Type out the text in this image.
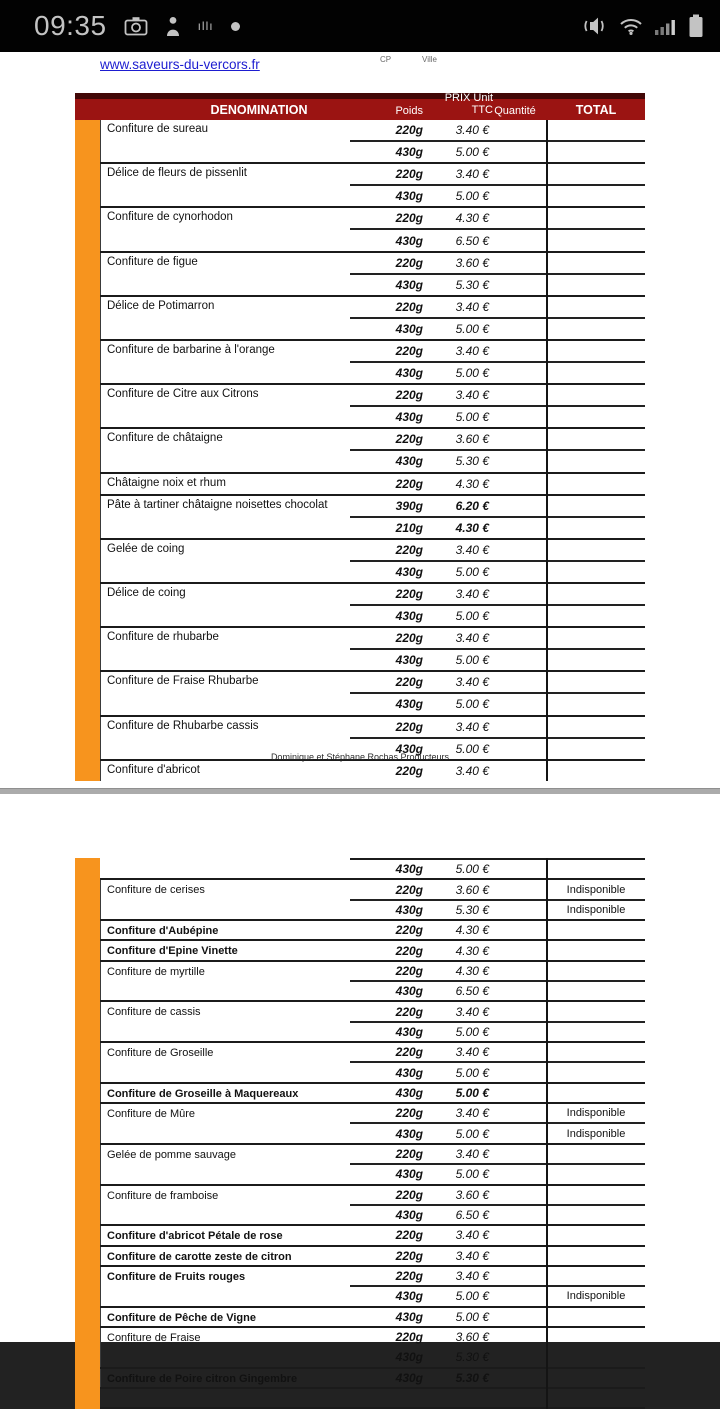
09:35	ıllı
www.saveurs-du-vercors.fr	CP	Ville
DENOMINATION	Poids
PRIX Unit
TTC Quantité	TOTAL
Confiture de sureau	220g	3.40 €
430g	5.00 €
Délice de fleurs de pissenlit	220g	3.40 €
430g	5.00 €
Confiture de cynorhodon	220g	4.30 €
430g	6.50 €
Confiture de figue	220g	3.60 €
430g	5.30 €
Délice de Potimarron	220g	3.40 €
430g	5.00 €
Confiture de barbarine à l'orange	220g	3.40 €
430g	5.00 €
Confiture de Citre aux Citrons	220g	3.40 €
430g	5.00 €
Confiture de châtaigne	220g	3.60 €
430g	5.30 €
Châtaigne noix et rhum	220g	4.30 €
Pâte à tartiner châtaigne noisettes chocolat	390g	6.20 €
210g	4.30 €
Gelée de coing	220g	3.40 €
430g	5.00 €
Délice de coing	220g	3.40 €
430g	5.00 €
Confiture de rhubarbe	220g	3.40 €
430g	5.00 €
Confiture de Fraise Rhubarbe	220g	3.40 €
430g	5.00 €
Confiture de Rhubarbe cassis	220g	3.40 €
430g	5.00 €
Confiture d'abricot	220g	3.40 €
Dominique et Stéphane Rochas Producteurs
430g	5.00 €
Confiture de cerises	220g	3.60 €	Indisponible
430g	5.30 €	Indisponible
Confiture d'Aubépine	220g	4.30 €
Confiture d'Epine Vinette	220g	4.30 €
Confiture de myrtille	220g	4.30 €
430g	6.50 €
Confiture de cassis	220g	3.40 €
430g	5.00 €
Confiture de Groseille	220g	3.40 €
430g	5.00 €
Confiture de Groseille à Maquereaux	430g	5.00 €
Confiture de Mûre	220g	3.40 €	Indisponible
430g	5.00 €	Indisponible
Gelée de pomme sauvage	220g	3.40 €
430g	5.00 €
Confiture de framboise	220g	3.60 €
430g	6.50 €
Confiture d'abricot Pétale de rose	220g	3.40 €
Confiture de carotte zeste de citron	220g	3.40 €
Confiture de Fruits rouges	220g	3.40 €
430g	5.00 €	Indisponible
Confiture de Pêche de Vigne	430g	5.00 €
Confiture de Fraise	220g	3.60 €
430g	5.30 €
Confiture de Poire citron Gingembre	430g	5.30 €
